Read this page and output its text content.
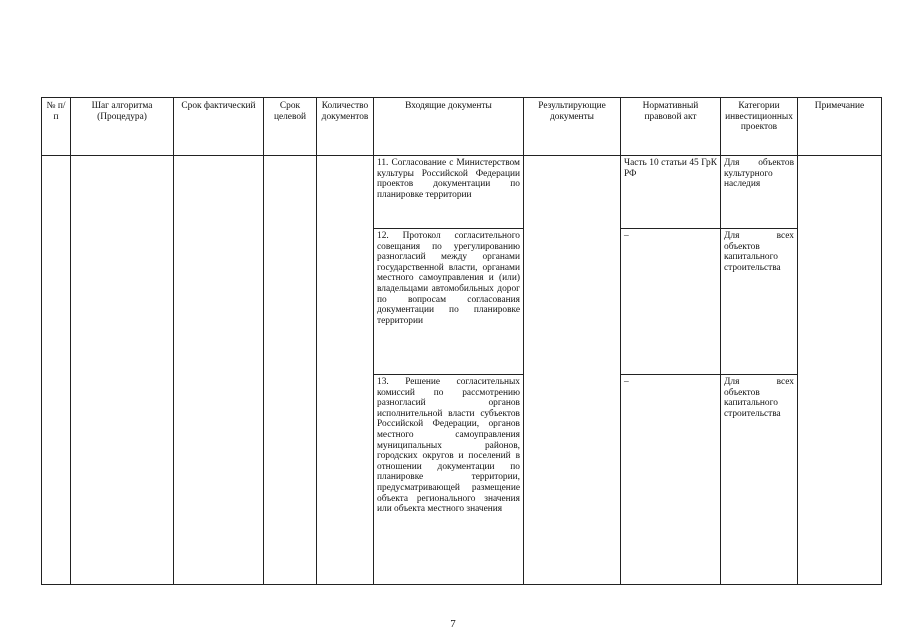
№ п/п	Шаг алгоритма (Процедура)	Срок фактический	Срок целевой	Количество документов	Входящие документы	Результирующие документы	Нормативный правовой акт	Категории инвестиционных проектов	Примечание
					11. Согласование с Министерством культуры Российской Федерации проектов документации по планировке территории		Часть 10 статьи 45 ГрК РФ	Для объектов культурного наследия	
					12. Протокол согласительного совещания по урегулированию разногласий между органами государственной власти, органами местного самоуправления и (или) владельцами автомобильных дорог по вопросам согласования документации по планировке территории		–	Для всех объектов капитального строительства	
					13. Решение согласительных комиссий по рассмотрению разногласий органов исполнительной власти субъектов Российской Федерации, органов местного самоуправления муниципальных районов, городских округов и поселений в отношении документации по планировке территории, предусматривающей размещение объекта регионального значения или объекта местного значения		–	Для всех объектов капитального строительства	
7
